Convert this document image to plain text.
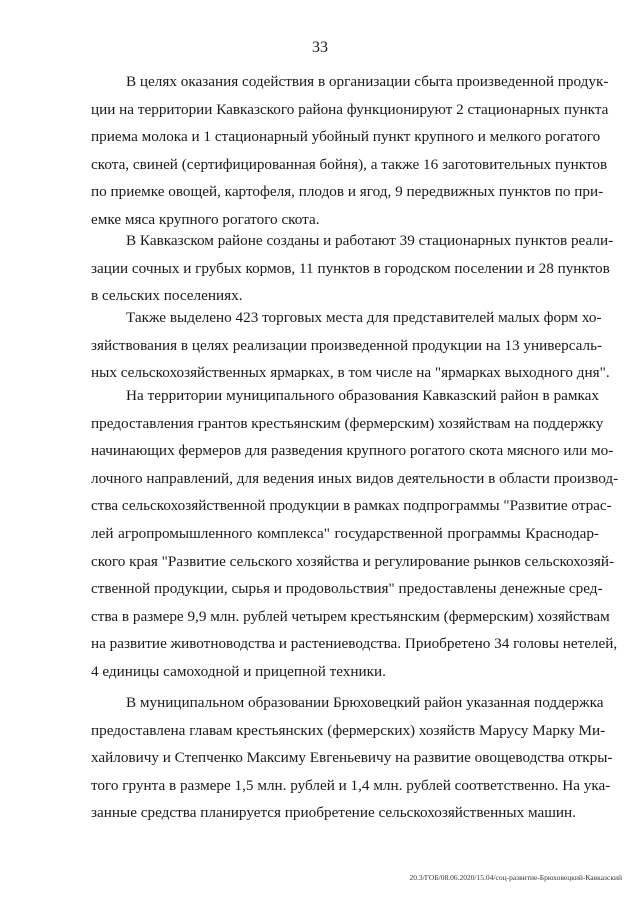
33
В целях оказания содействия в организации сбыта произведенной продук-
ции на территории Кавказского района функционируют 2 стационарных пункта
приема молока и 1 стационарный убойный пункт крупного и мелкого рогатого
скота, свиней (сертифицированная бойня), а также 16 заготовительных пунктов
по приемке овощей, картофеля, плодов и ягод, 9 передвижных пунктов по при-
емке мяса крупного рогатого скота.
В Кавказском районе созданы и работают 39 стационарных пунктов реали-
зации сочных и грубых кормов, 11 пунктов в городском поселении и 28 пунктов
в сельских поселениях.
Также выделено 423 торговых места для представителей малых форм хо-
зяйствования в целях реализации произведенной продукции на 13 универсаль-
ных сельскохозяйственных ярмарках, в том числе на "ярмарках выходного дня".
На территории муниципального образования Кавказский район в рамках
предоставления грантов крестьянским (фермерским) хозяйствам на поддержку
начинающих фермеров для разведения крупного рогатого скота мясного или мо-
лочного направлений, для ведения иных видов деятельности в области производ-
ства сельскохозяйственной продукции в рамках подпрограммы "Развитие отрас-
лей агропромышленного комплекса" государственной программы Краснодар-
ского края "Развитие сельского хозяйства и регулирование рынков сельскохозяй-
ственной продукции, сырья и продовольствия" предоставлены денежные сред-
ства в размере 9,9 млн. рублей четырем крестьянским (фермерским) хозяйствам
на развитие животноводства и растениеводства. Приобретено 34 головы нетелей,
4 единицы самоходной и прицепной техники.
В муниципальном образовании Брюховецкий район указанная поддержка
предоставлена главам крестьянских (фермерских) хозяйств Марусу Марку Ми-
хайловичу и Степченко Максиму Евгеньевичу на развитие овощеводства откры-
того грунта в размере 1,5 млн. рублей и 1,4 млн. рублей соответственно. На ука-
занные средства планируется приобретение сельскохозяйственных машин.
20.3/ГОБ/08.06.2020/15.04/соц-развитие-Брюховецкий-Кавказский
